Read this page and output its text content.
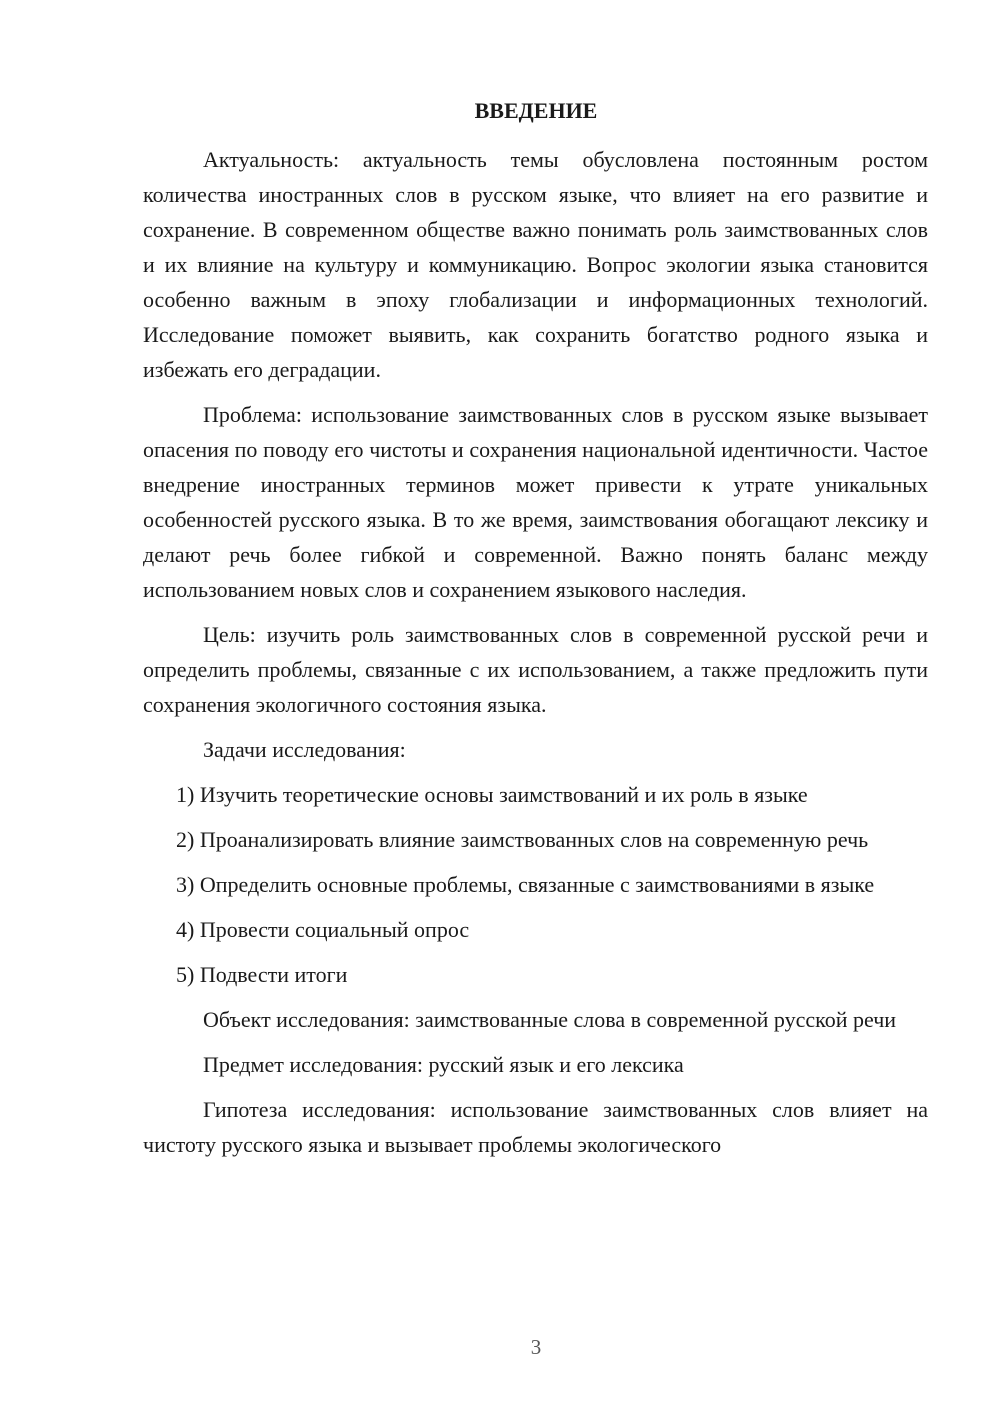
ВВЕДЕНИЕ

Актуальность: актуальность темы обусловлена постоянным ростом количества иностранных слов в русском языке, что влияет на его развитие и сохранение. В современном обществе важно понимать роль заимствованных слов и их влияние на культуру и коммуникацию. Вопрос экологии языка становится особенно важным в эпоху глобализации и информационных технологий. Исследование поможет выявить, как сохранить богатство родного языка и избежать его деградации.

Проблема: использование заимствованных слов в русском языке вызывает опасения по поводу его чистоты и сохранения национальной идентичности. Частое внедрение иностранных терминов может привести к утрате уникальных особенностей русского языка. В то же время, заимствования обогащают лексику и делают речь более гибкой и современной. Важно понять баланс между использованием новых слов и сохранением языкового наследия.

Цель: изучить роль заимствованных слов в современной русской речи и определить проблемы, связанные с их использованием, а также предложить пути сохранения экологичного состояния языка.

Задачи исследования:

1) Изучить теоретические основы заимствований и их роль в языке

2) Проанализировать влияние заимствованных слов на современную речь

3) Определить основные проблемы, связанные с заимствованиями в языке

4) Провести социальный опрос

5) Подвести итоги

Объект исследования: заимствованные слова в современной русской речи

Предмет исследования: русский язык и его лексика

Гипотеза исследования: использование заимствованных слов влияет на чистоту русского языка и вызывает проблемы экологического

3
